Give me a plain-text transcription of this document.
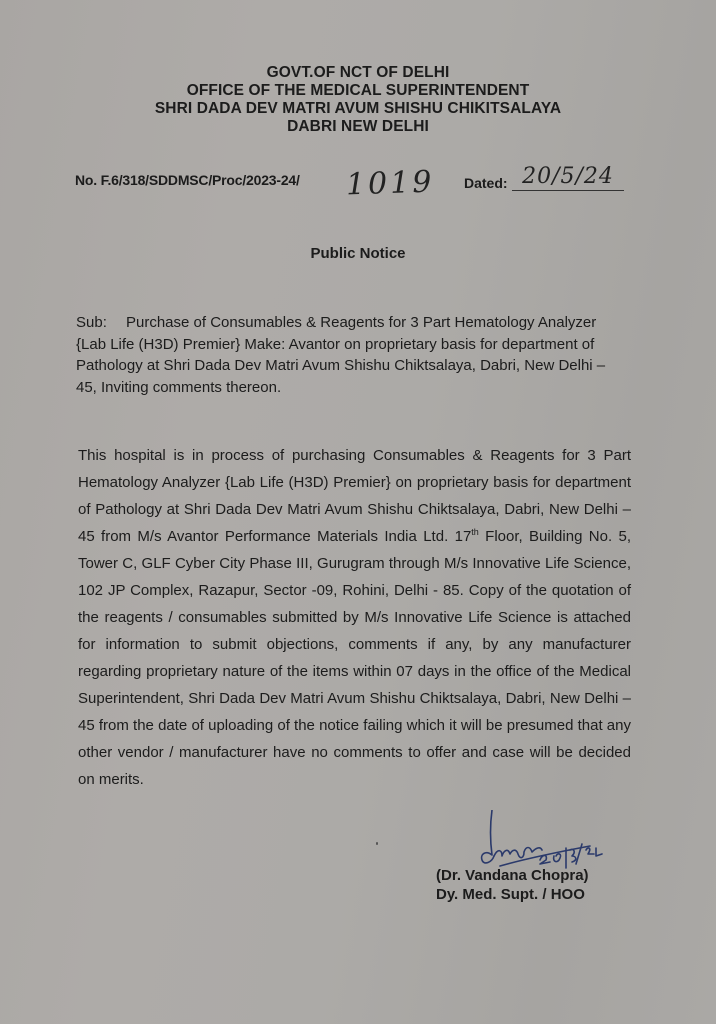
GOVT.OF NCT OF DELHI
OFFICE OF THE MEDICAL SUPERINTENDENT
SHRI DADA DEV MATRI AVUM SHISHU CHIKITSALAYA
DABRI NEW DELHI
No. F.6/318/SDDMSC/Proc/2023-24/ 1019 Dated: 20/5/24
Public Notice
Sub: Purchase of Consumables & Reagents for 3 Part Hematology Analyzer {Lab Life (H3D) Premier} Make: Avantor on proprietary basis for department of Pathology at Shri Dada Dev Matri Avum Shishu Chiktsalaya, Dabri, New Delhi – 45, Inviting comments thereon.
This hospital is in process of purchasing Consumables & Reagents for 3 Part Hematology Analyzer {Lab Life (H3D) Premier} on proprietary basis for department of Pathology at Shri Dada Dev Matri Avum Shishu Chiktsalaya, Dabri, New Delhi – 45 from M/s Avantor Performance Materials India Ltd. 17th Floor, Building No. 5, Tower C, GLF Cyber City Phase III, Gurugram through M/s Innovative Life Science, 102 JP Complex, Razapur, Sector -09, Rohini, Delhi - 85. Copy of the quotation of the reagents / consumables submitted by M/s Innovative Life Science is attached for information to submit objections, comments if any, by any manufacturer regarding proprietary nature of the items within 07 days in the office of the Medical Superintendent, Shri Dada Dev Matri Avum Shishu Chiktsalaya, Dabri, New Delhi – 45 from the date of uploading of the notice failing which it will be presumed that any other vendor / manufacturer have no comments to offer and case will be decided on merits.
(Dr. Vandana Chopra)
Dy. Med. Supt. / HOO
